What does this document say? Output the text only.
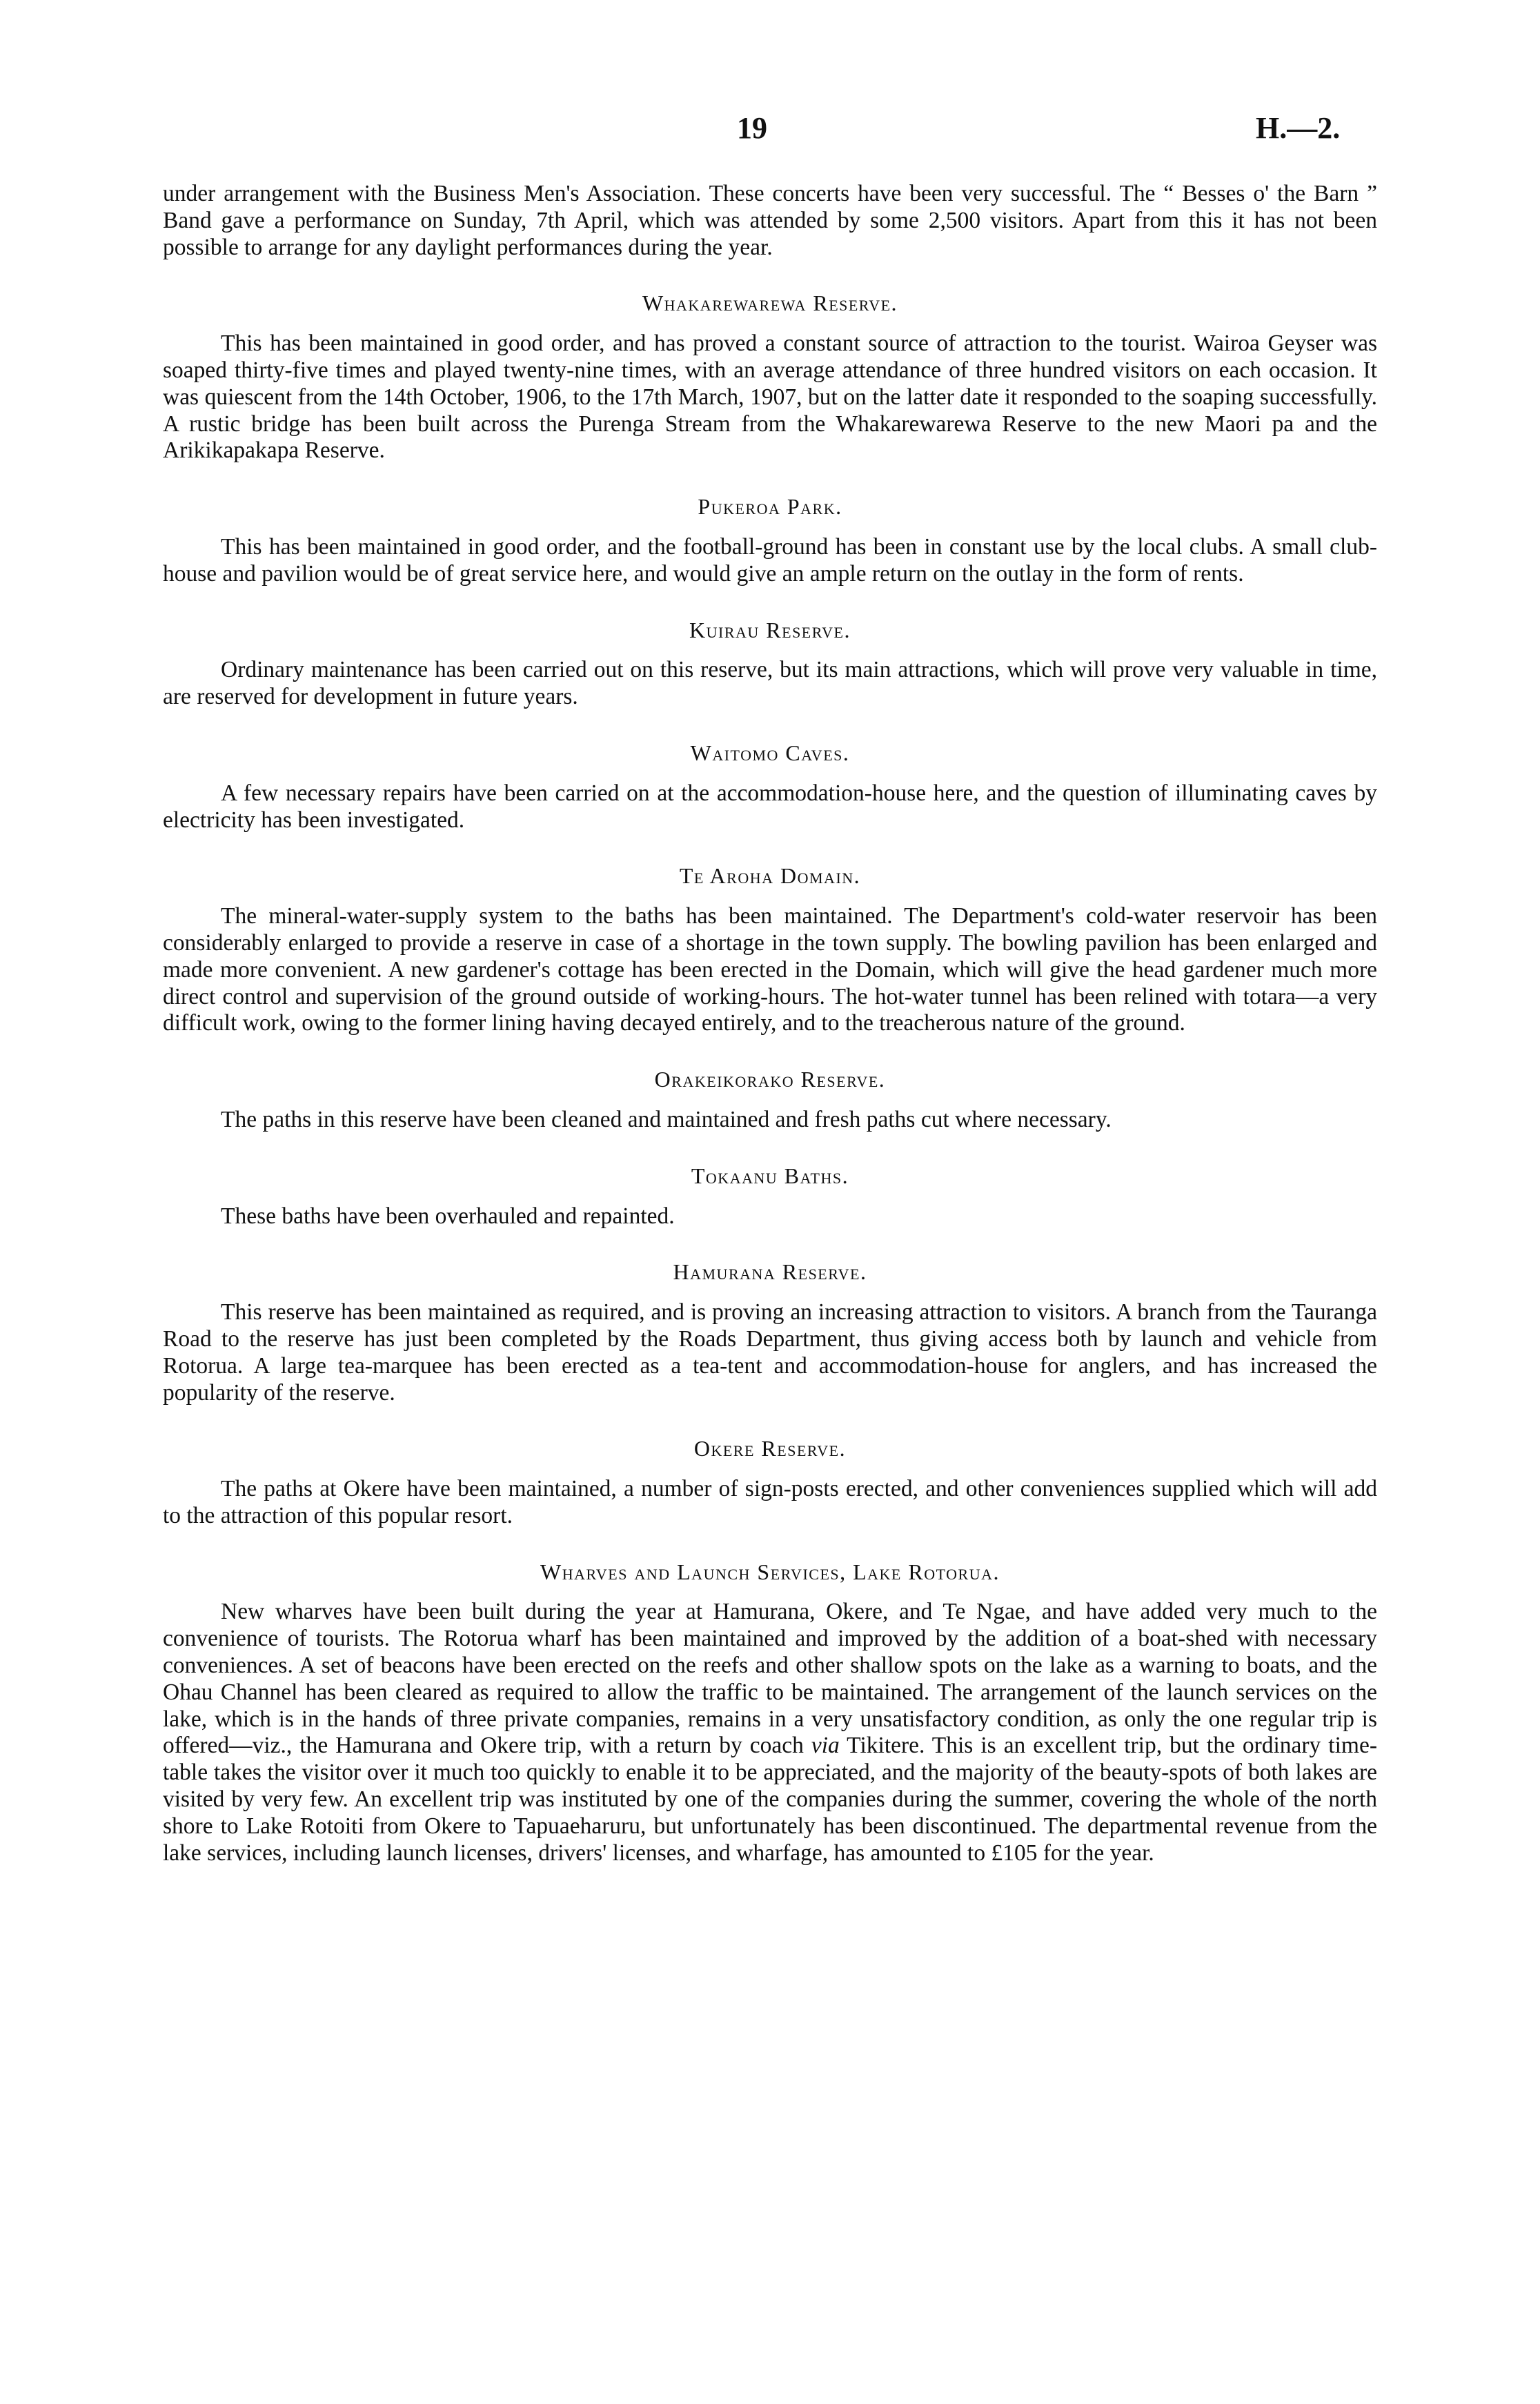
19	H.—2.

under arrangement with the Business Men's Association. These concerts have been very successful. The “ Besses o' the Barn ” Band gave a performance on Sunday, 7th April, which was attended by some 2,500 visitors. Apart from this it has not been possible to arrange for any daylight performances during the year.

Whakarewarewa Reserve.

This has been maintained in good order, and has proved a constant source of attraction to the tourist. Wairoa Geyser was soaped thirty-five times and played twenty-nine times, with an average attendance of three hundred visitors on each occasion. It was quiescent from the 14th October, 1906, to the 17th March, 1907, but on the latter date it responded to the soaping successfully. A rustic bridge has been built across the Purenga Stream from the Whakarewarewa Reserve to the new Maori pa and the Arikikapakapa Reserve.

Pukeroa Park.

This has been maintained in good order, and the football-ground has been in constant use by the local clubs. A small club-house and pavilion would be of great service here, and would give an ample return on the outlay in the form of rents.

Kuirau Reserve.

Ordinary maintenance has been carried out on this reserve, but its main attractions, which will prove very valuable in time, are reserved for development in future years.

Waitomo Caves.

A few necessary repairs have been carried on at the accommodation-house here, and the question of illuminating caves by electricity has been investigated.

Te Aroha Domain.

The mineral-water-supply system to the baths has been maintained. The Department's cold-water reservoir has been considerably enlarged to provide a reserve in case of a shortage in the town supply. The bowling pavilion has been enlarged and made more convenient. A new gardener's cottage has been erected in the Domain, which will give the head gardener much more direct control and supervision of the ground outside of working-hours. The hot-water tunnel has been relined with totara—a very difficult work, owing to the former lining having decayed entirely, and to the treacherous nature of the ground.

Orakeikorako Reserve.

The paths in this reserve have been cleaned and maintained and fresh paths cut where necessary.

Tokaanu Baths.

These baths have been overhauled and repainted.

Hamurana Reserve.

This reserve has been maintained as required, and is proving an increasing attraction to visitors. A branch from the Tauranga Road to the reserve has just been completed by the Roads Department, thus giving access both by launch and vehicle from Rotorua. A large tea-marquee has been erected as a tea-tent and accommodation-house for anglers, and has increased the popularity of the reserve.

Okere Reserve.

The paths at Okere have been maintained, a number of sign-posts erected, and other conveniences supplied which will add to the attraction of this popular resort.

Wharves and Launch Services, Lake Rotorua.

New wharves have been built during the year at Hamurana, Okere, and Te Ngae, and have added very much to the convenience of tourists. The Rotorua wharf has been maintained and improved by the addition of a boat-shed with necessary conveniences. A set of beacons have been erected on the reefs and other shallow spots on the lake as a warning to boats, and the Ohau Channel has been cleared as required to allow the traffic to be maintained. The arrangement of the launch services on the lake, which is in the hands of three private companies, remains in a very unsatisfactory condition, as only the one regular trip is offered—viz., the Hamurana and Okere trip, with a return by coach via Tikitere. This is an excellent trip, but the ordinary time-table takes the visitor over it much too quickly to enable it to be appreciated, and the majority of the beauty-spots of both lakes are visited by very few. An excellent trip was instituted by one of the companies during the summer, covering the whole of the north shore to Lake Rotoiti from Okere to Tapuaeharuru, but unfortunately has been discontinued. The departmental revenue from the lake services, including launch licenses, drivers' licenses, and wharfage, has amounted to £105 for the year.
